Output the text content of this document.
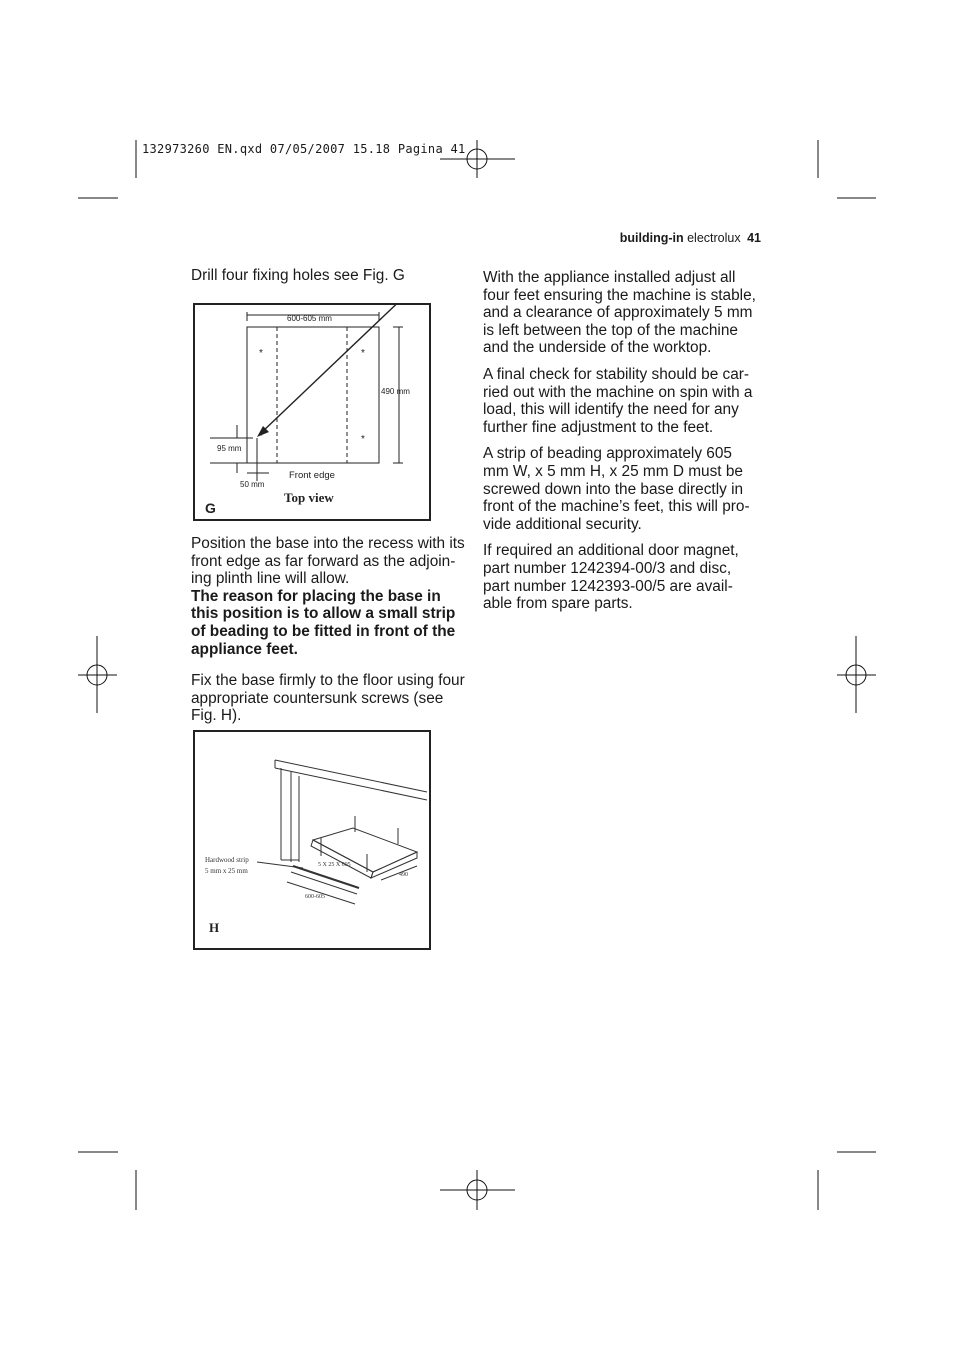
132973260 EN.qxd 07/05/2007 15.18 Pagina 41
building-in electrolux 41
Drill four fixing holes see Fig. G
*	*
*	*
600-605 mm
490 mm
95 mm
50 mm
Front edge
Top view
G
Position the base into the recess with its
front edge as far forward as the adjoin-
ing plinth line will allow.
The reason for placing the base in
this position is to allow a small strip
of beading to be fitted in front of the
appliance feet.
Fix the base firmly to the floor using four
appropriate countersunk screws (see
Fig. H).
5 X 25 X 605
490
600-605
Hardwood strip
5 mm x 25 mm
H

With the appliance installed adjust all
four feet ensuring the machine is stable,
and a clearance of approximately 5 mm
is left between the top of the machine
and the underside of the worktop.

A final check for stability should be car-
ried out with the machine on spin with a
load, this will identify the need for any
further fine adjustment to the feet.

A strip of beading approximately 605
mm W, x 5 mm H, x 25 mm D must be
screwed down into the base directly in
front of the machine’s feet, this will pro-
vide additional security.

If required an additional door magnet,
part number 1242394-00/3 and disc,
part number 1242393-00/5 are avail-
able from spare parts.
